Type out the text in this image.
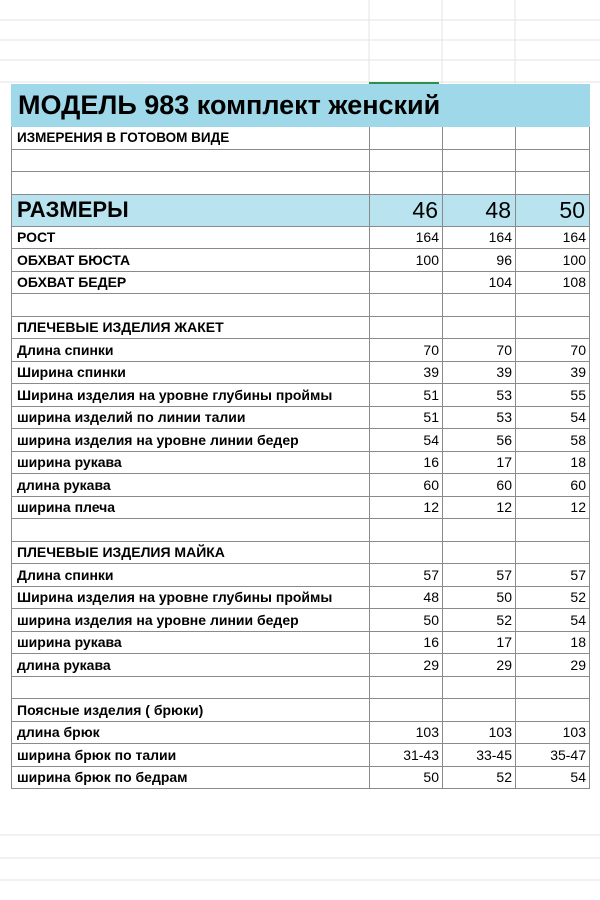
МОДЕЛЬ 983 комплект женский			
ИЗМЕРЕНИЯ В ГОТОВОМ ВИДЕ			

РАЗМЕРЫ	46	48	50
РОСТ	164	164	164
ОБХВАТ БЮСТА	100	96	100
ОБХВАТ БЕДЕР		104	108

ПЛЕЧЕВЫЕ ИЗДЕЛИЯ ЖАКЕТ			
Длина спинки	70	70	70
Ширина спинки	39	39	39
Ширина изделия на уровне глубины проймы	51	53	55
ширина изделий по линии талии	51	53	54
ширина изделия на уровне линии бедер	54	56	58
ширина рукава	16	17	18
длина рукава	60	60	60
ширина плеча	12	12	12

ПЛЕЧЕВЫЕ ИЗДЕЛИЯ МАЙКА			
Длина спинки	57	57	57
Ширина изделия на уровне глубины проймы	48	50	52
ширина изделия на уровне линии бедер	50	52	54
ширина рукава	16	17	18
длина рукава	29	29	29

Поясные изделия ( брюки)			
длина брюк	103	103	103
ширина брюк по талии	31-43	33-45	35-47
ширина брюк по бедрам	50	52	54
